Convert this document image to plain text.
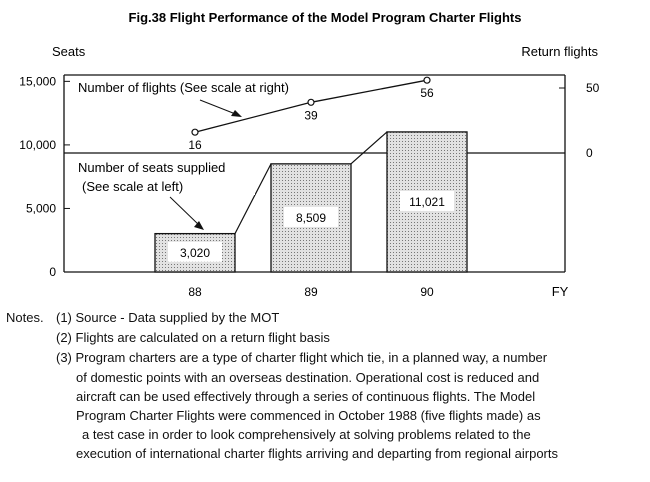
Fig.38 Flight Performance of the Model Program Charter Flights
Seats	Return flights
3,020
8,509
11,021
16
39
56
0
5,000
10,000
15,000
0
50
88	89	90
Number of flights (See scale at right)
Number of seats supplied
(See scale at left)
FY
Notes. (1) Source - Data supplied by the MOT
(2) Flights are calculated on a return flight basis
(3) Program charters are a type of charter flight which tie, in a planned way, a number
of domestic points with an overseas destination. Operational cost is reduced and
aircraft can be used effectively through a series of continuous flights. The Model
Program Charter Flights were commenced in October 1988 (five flights made) as
a test case in order to look comprehensively at solving problems related to the
execution of international charter flights arriving and departing from regional airports
